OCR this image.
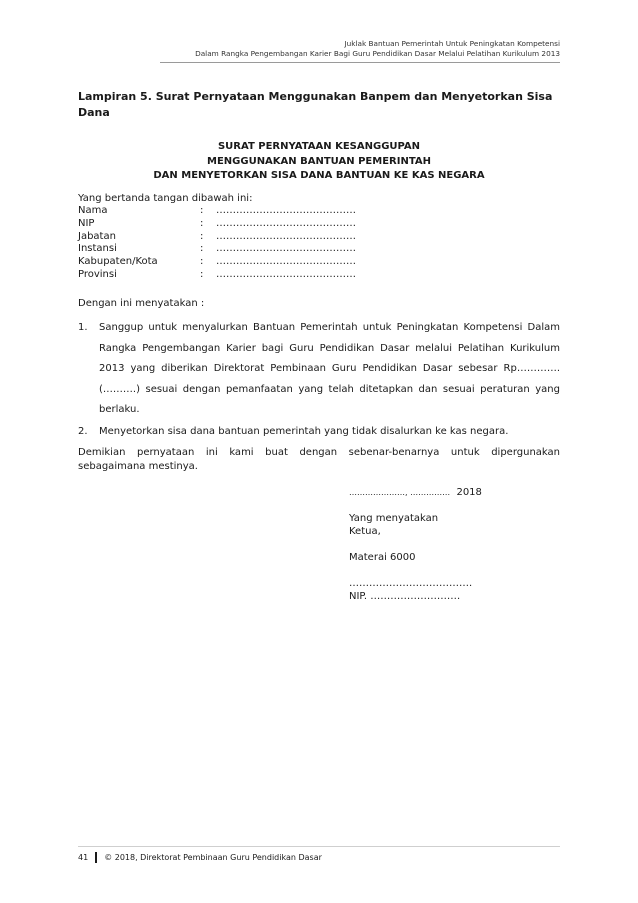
Juklak Bantuan Pemerintah Untuk Peningkatan Kompetensi
Dalam Rangka Pengembangan Karier Bagi Guru Pendidikan Dasar Melalui Pelatihan Kurikulum 2013
Lampiran 5. Surat Pernyataan Menggunakan Banpem dan Menyetorkan Sisa
Dana
SURAT PERNYATAAN KESANGGUPAN
MENGGUNAKAN BANTUAN PEMERINTAH
DAN MENYETORKAN SISA DANA BANTUAN KE KAS NEGARA
Yang bertanda tangan dibawah ini:
Nama	:	……………………………………
NIP	:	……………………………………
Jabatan	:	……………………………………
Instansi	:	……………………………………
Kabupaten/Kota	:	……………………………………
Provinsi	:	……………………………………
Dengan ini menyatakan :
1.	Sanggup untuk menyalurkan Bantuan Pemerintah untuk Peningkatan Kompetensi Dalam Rangka Pengembangan Karier bagi Guru Pendidikan Dasar melalui Pelatihan Kurikulum 2013 yang diberikan Direktorat Pembinaan Guru Pendidikan Dasar sebesar Rp…………. (……….) sesuai dengan pemanfaatan yang telah ditetapkan dan sesuai peraturan yang berlaku.
2.	Menyetorkan sisa dana bantuan pemerintah yang tidak disalurkan ke kas negara.
Demikian pernyataan ini kami buat dengan sebenar-benarnya untuk dipergunakan sebagaimana mestinya.
…………………, …………… 2018
Yang menyatakan
Ketua,
Materai 6000
……………………………….
NIP. ………………………
41 © 2018, Direktorat Pembinaan Guru Pendidikan Dasar
